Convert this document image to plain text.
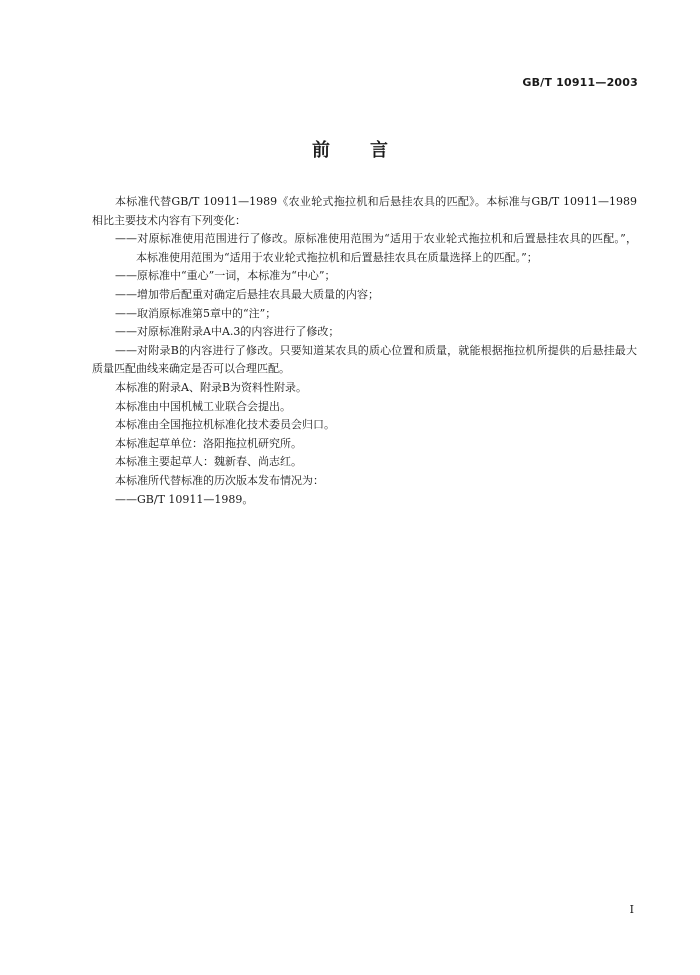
GB/T 10911—2003
前言

本标准代替GB/T 10911—1989《农业轮式拖拉机和后悬挂农具的匹配》。本标准与GB/T 10911—1989相比主要技术内容有下列变化：

——对原标准使用范围进行了修改。原标准使用范围为“适用于农业轮式拖拉机和后置悬挂农具的匹配。”，本标准使用范围为“适用于农业轮式拖拉机和后置悬挂农具在质量选择上的匹配。”；

——原标准中“重心”一词，本标准为“中心”；

——增加带后配重对确定后悬挂农具最大质量的内容；

——取消原标准第5章中的“注”；

——对原标准附录A中A.3的内容进行了修改；

——对附录B的内容进行了修改。只要知道某农具的质心位置和质量，就能根据拖拉机所提供的后悬挂最大质量匹配曲线来确定是否可以合理匹配。

本标准的附录A、附录B为资料性附录。

本标准由中国机械工业联合会提出。

本标准由全国拖拉机标准化技术委员会归口。

本标准起草单位：洛阳拖拉机研究所。

本标准主要起草人：魏新春、尚志红。

本标准所代替标准的历次版本发布情况为：

——GB/T 10911—1989。

I
